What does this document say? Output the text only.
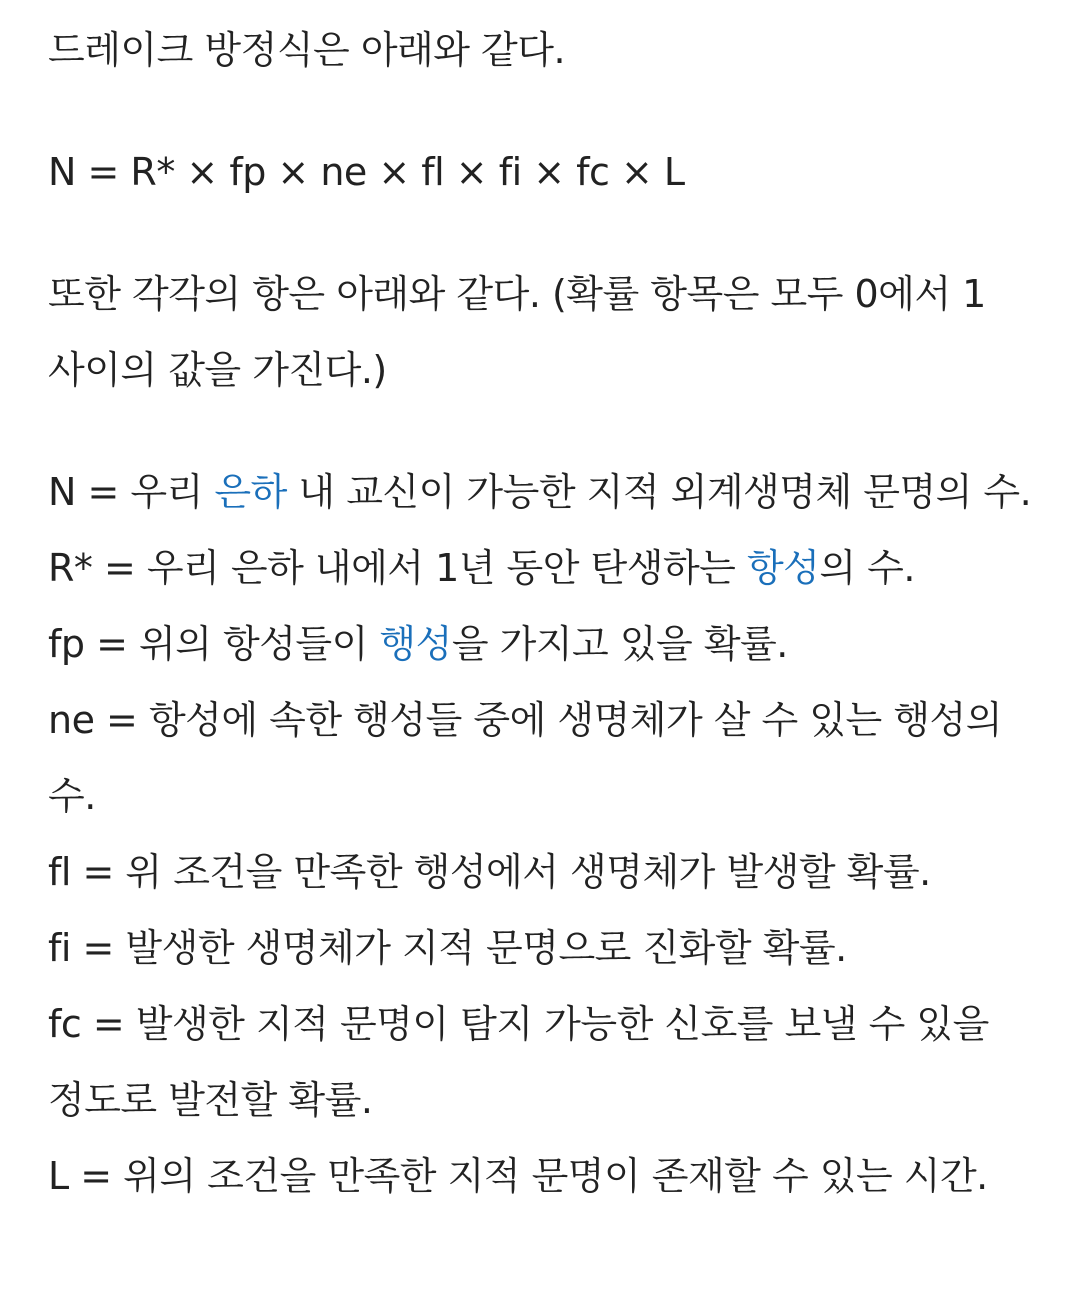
드레이크 방정식은 아래와 같다.

N = R* × fp × ne × fl × fi × fc × L

또한 각각의 항은 아래와 같다. (확률 항목은 모두 0에서 1 사이의 값을 가진다.)

N = 우리 은하 내 교신이 가능한 지적 외계생명체 문명의 수.

R* = 우리 은하 내에서 1년 동안 탄생하는 항성의 수.

fp = 위의 항성들이 행성을 가지고 있을 확률.

ne = 항성에 속한 행성들 중에 생명체가 살 수 있는 행성의 수.

fl = 위 조건을 만족한 행성에서 생명체가 발생할 확률.

fi = 발생한 생명체가 지적 문명으로 진화할 확률.

fc = 발생한 지적 문명이 탐지 가능한 신호를 보낼 수 있을 정도로 발전할 확률.

L = 위의 조건을 만족한 지적 문명이 존재할 수 있는 시간.
